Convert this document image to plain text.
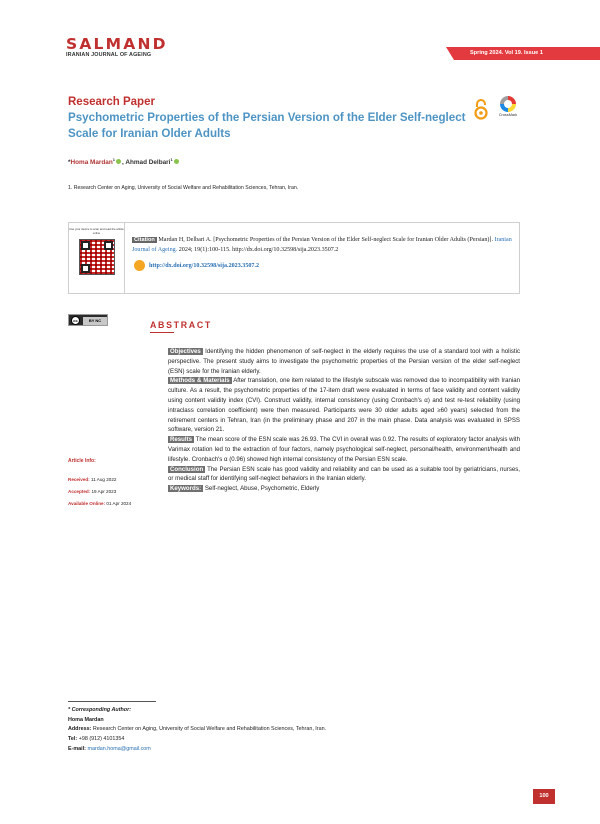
SALMAND
IRANIAN JOURNAL OF AGEING	Spring 2024. Vol 19. Issue 1
Research Paper
Psychometric Properties of the Persian Version of the Elder Self-neglect Scale for Iranian Older Adults
CrossMark
*Homa Mardan$^1$ , Ahmad Delbari$^1$
1. Research Center on Aging, University of Social Welfare and Rehabilitation Sciences, Tehran, Iran.
Use your device to scan and read the article online
Citation Mardan H, Delbari A. [Psychometric Properties of the Persian Version of the Elder Self-neglect Scale for Iranian Older Adults (Persian)]. Iranian Journal of Ageing. 2024; 19(1):100-115. http://dx.doi.org/10.32598/sija.2023.3507.2
http://dx.doi.org/10.32598/sija.2023.3507.2
cc	BY NC	ABSTRACT

Objectives Identifying the hidden phenomenon of self-neglect in the elderly requires the use of a standard tool with a holistic perspective. The present study aims to investigate the psychometric properties of the Persian version of the elder self-neglect (ESN) scale for the Iranian elderly.

Methods & Materials After translation, one item related to the lifestyle subscale was removed due to incompatibility with Iranian culture. As a result, the psychometric properties of the 17-item draft were evaluated in terms of face validity and content validity using content validity index (CVI). Construct validity, internal consistency (using Cronbach's α) and test re-test reliability (using intraclass correlation coefficient) were then measured. Participants were 30 older adults aged ≥60 years) selected from the retirement centers in Tehran, Iran (in the preliminary phase and 207 in the main phase. Data analysis was evaluated in SPSS software, version 21.

Results The mean score of the ESN scale was 26.93. The CVI in overall was 0.92. The results of exploratory factor analysis with Varimax rotation led to the extraction of four factors, namely psychological self-neglect, personal/health, environment/health and lifestyle. Cronbach's α (0.96) showed high internal consistency of the Persian ESN scale.

Conclusion The Persian ESN scale has good validity and reliability and can be used as a suitable tool by geriatricians, nurses, or medical staff for identifying self-neglect behaviors in the Iranian elderly.

Keywords: Self-neglect, Abuse, Psychometric, Elderly

Article Info:
Received: 11 Aug 2022
Accepted: 19 Apr 2023
Available Online: 01 Apr 2024
* Corresponding Author:
Homa Mardan
Address: Research Center on Aging, University of Social Welfare and Rehabilitation Sciences, Tehran, Iran.
Tel: +98 (912) 4101354
E-mail: mardan.homa@gmail.com
100
